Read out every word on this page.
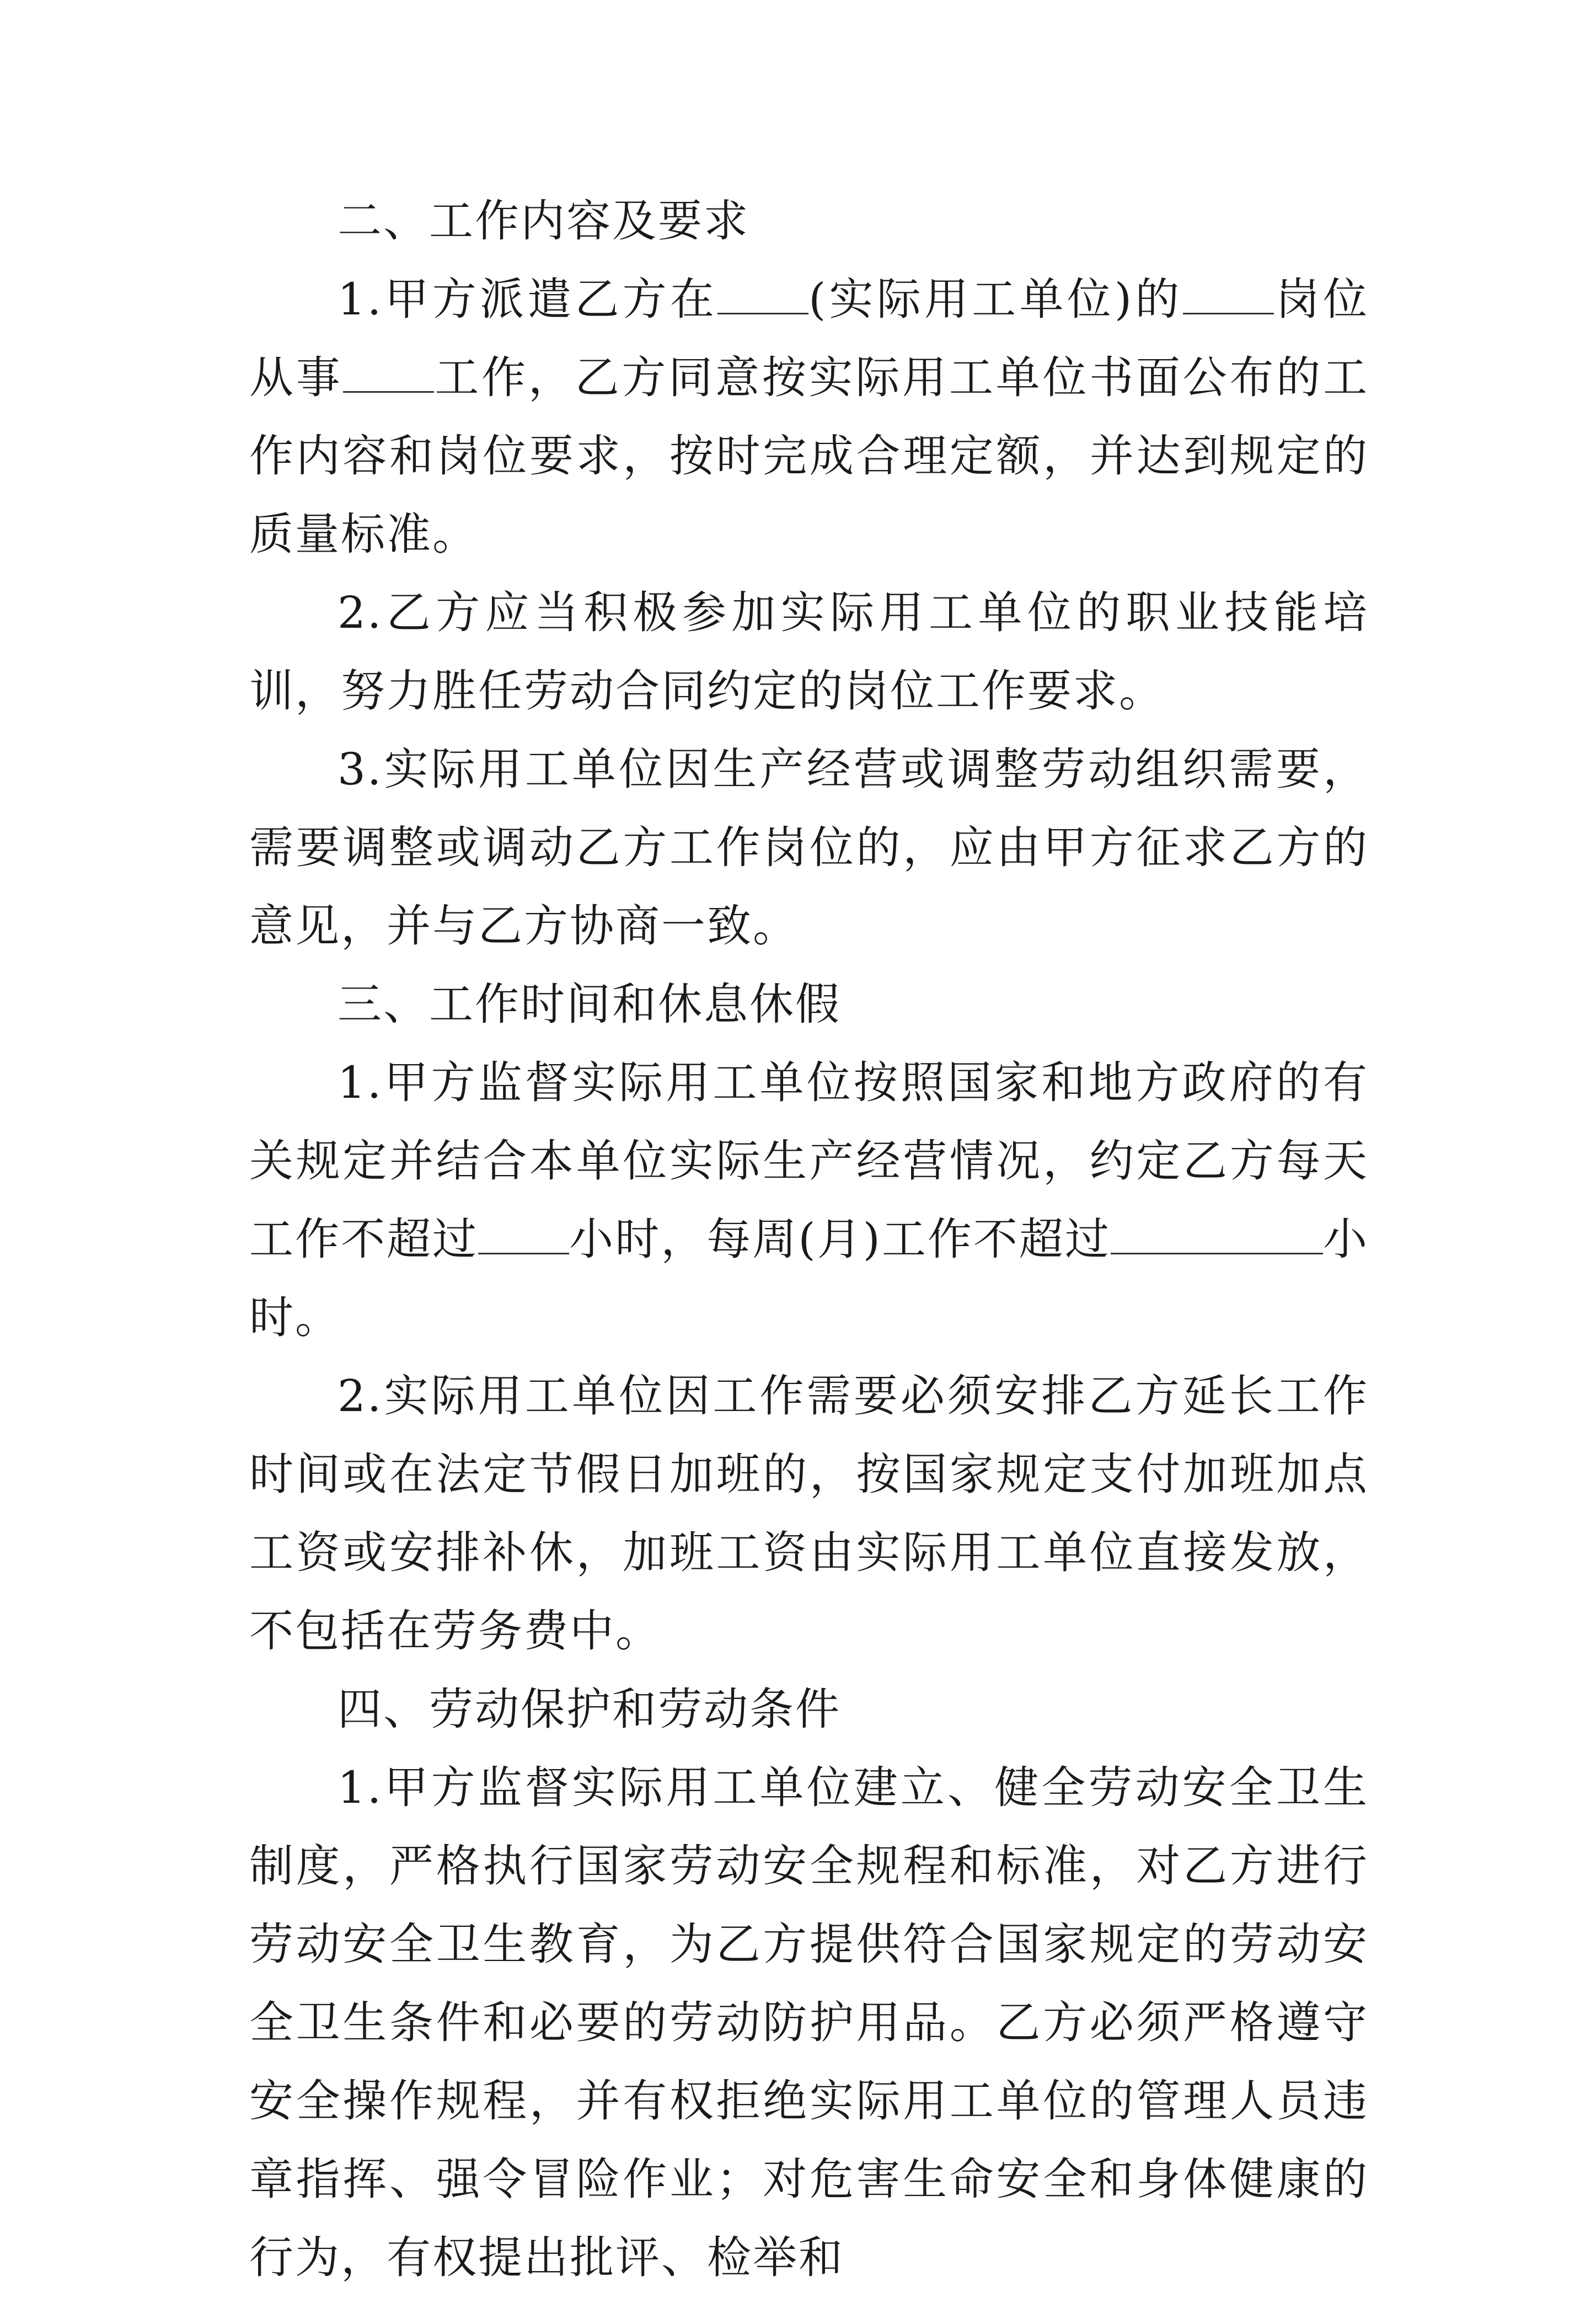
二、工作内容及要求

1.甲方派遣乙方在 (实际用工单位)的 岗位从事 工作，乙方同意按实际用工单位书面公布的工作内容和岗位要求，按时完成合理定额，并达到规定的质量标准。

2.乙方应当积极参加实际用工单位的职业技能培训，努力胜任劳动合同约定的岗位工作要求。

3.实际用工单位因生产经营或调整劳动组织需要，需要调整或调动乙方工作岗位的，应由甲方征求乙方的意见，并与乙方协商一致。

三、工作时间和休息休假

1.甲方监督实际用工单位按照国家和地方政府的有关规定并结合本单位实际生产经营情况，约定乙方每天工作不超过 小时，每周(月)工作不超过	小时。

2.实际用工单位因工作需要必须安排乙方延长工作时间或在法定节假日加班的，按国家规定支付加班加点工资或安排补休，加班工资由实际用工单位直接发放，不包括在劳务费中。

四、劳动保护和劳动条件

1.甲方监督实际用工单位建立、健全劳动安全卫生制度，严格执行国家劳动安全规程和标准，对乙方进行劳动安全卫生教育，为乙方提供符合国家规定的劳动安全卫生条件和必要的劳动防护用品。乙方必须严格遵守安全操作规程，并有权拒绝实际用工单位的管理人员违章指挥、强令冒险作业；对危害生命安全和身体健康的行为，有权提出批评、检举和
